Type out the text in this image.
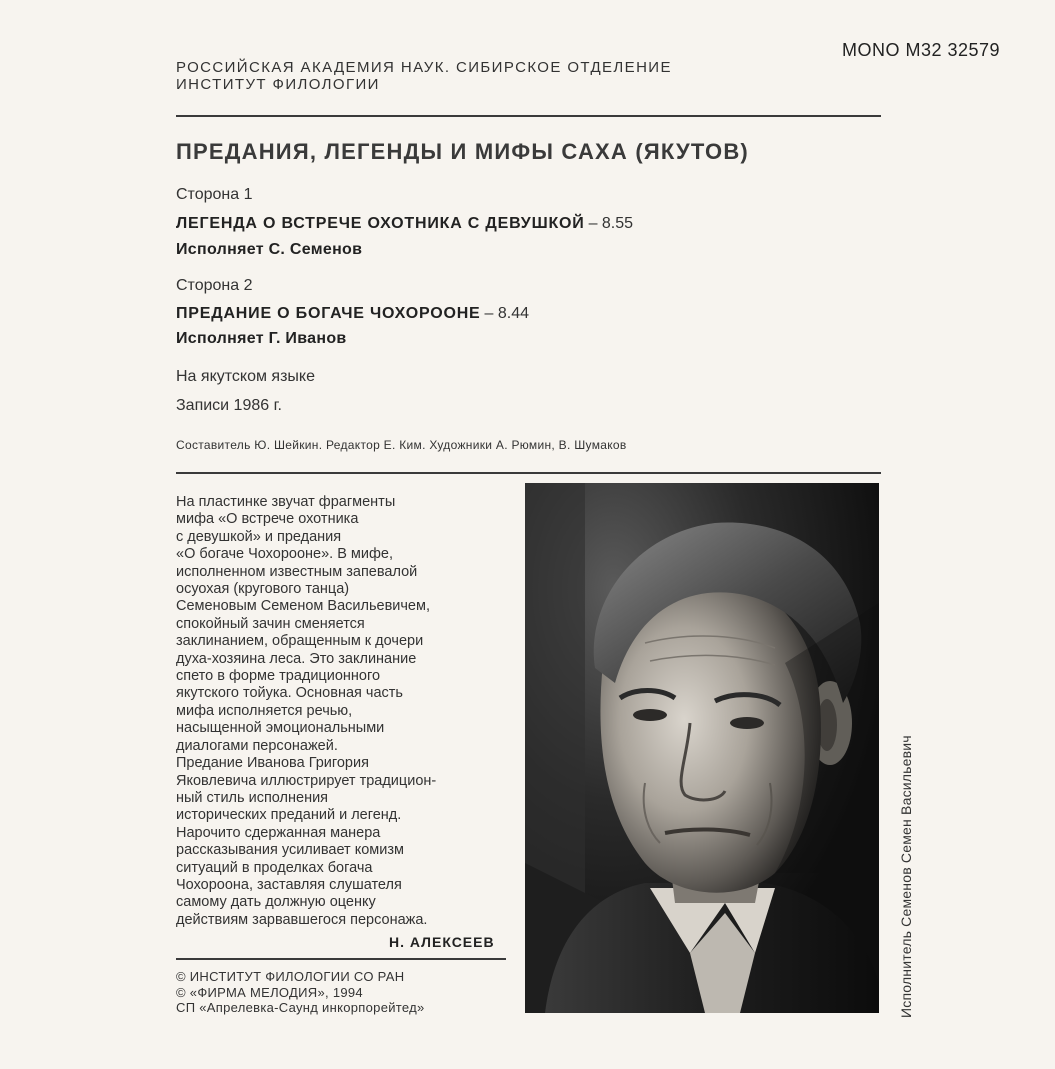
РОССИЙСКАЯ АКАДЕМИЯ НАУК. СИБИРСКОЕ ОТДЕЛЕНИЕ
ИНСТИТУТ ФИЛОЛОГИИ
MONO M32 32579
ПРЕДАНИЯ, ЛЕГЕНДЫ И МИФЫ САХА (ЯКУТОВ)
Сторона 1
ЛЕГЕНДА О ВСТРЕЧЕ ОХОТНИКА С ДЕВУШКОЙ – 8.55
Исполняет С. Семенов
Сторона 2
ПРЕДАНИЕ О БОГАЧЕ ЧОХОРООНЕ – 8.44
Исполняет Г. Иванов
На якутском языке
Записи 1986 г.
Составитель Ю. Шейкин. Редактор Е. Ким. Художники А. Рюмин, В. Шумаков
На пластинке звучат фрагменты
мифа «О встрече охотника
с девушкой» и предания
«О богаче Чохорооне». В мифе,
исполненном известным запевалой
осуохая (кругового танца)
Семеновым Семеном Васильевичем,
спокойный зачин сменяется
заклинанием, обращенным к дочери
духа-хозяина леса. Это заклинание
спето в форме традиционного
якутского тойука. Основная часть
мифа исполняется речью,
насыщенной эмоциональными
диалогами персонажей.
Предание Иванова Григория
Яковлевича иллюстрирует традицион-
ный стиль исполнения
исторических преданий и легенд.
Нарочито сдержанная манера
рассказывания усиливает комизм
ситуаций в проделках богача
Чохороона, заставляя слушателя
самому дать должную оценку
действиям зарвавшегося персонажа.
Н. АЛЕКСЕЕВ
© ИНСТИТУТ ФИЛОЛОГИИ СО РАН
© «ФИРМА МЕЛОДИЯ», 1994
СП «Апрелевка-Саунд инкорпорейтед»	Исполнитель Семенов Семен Васильевич
